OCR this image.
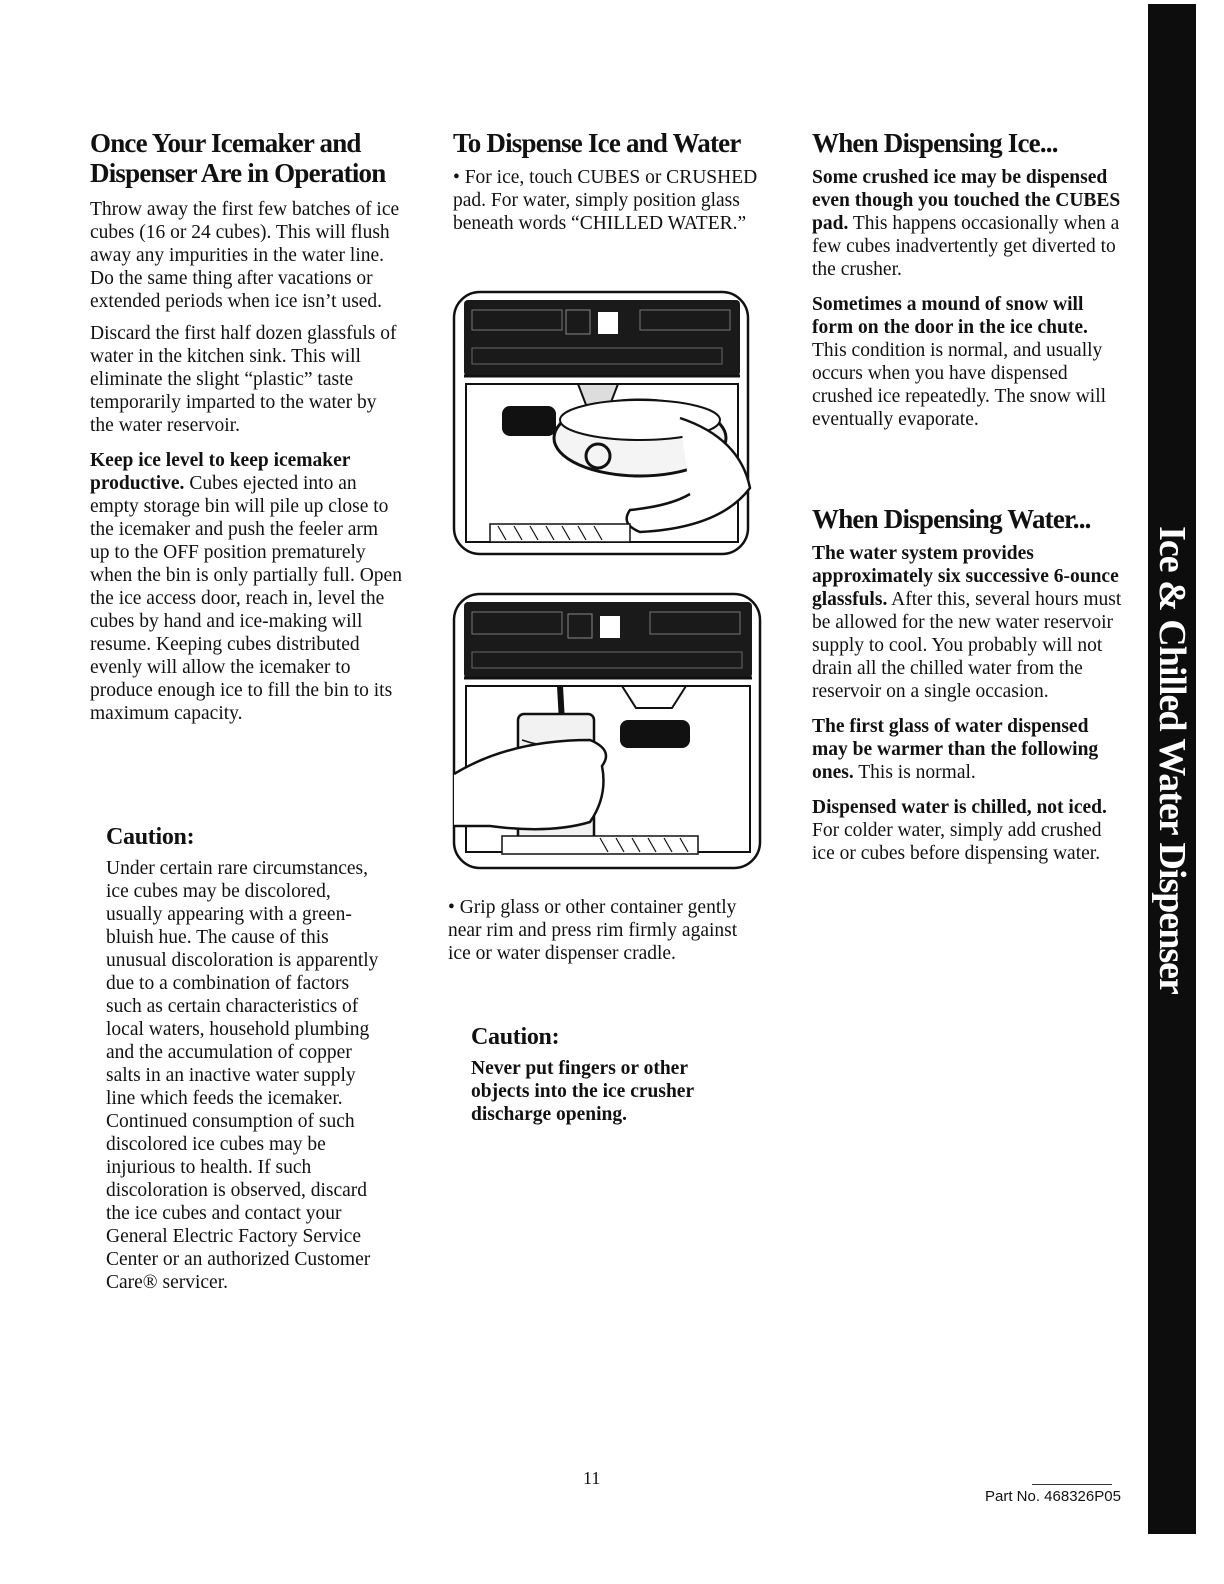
Once Your Icemaker and
Dispenser Are in Operation

Throw away the first few batches of ice cubes (16 or 24 cubes). This will flush away any impurities in the water line. Do the same thing after vacations or extended periods when ice isn’t used.

Discard the first half dozen glassfuls of water in the kitchen sink. This will eliminate the slight “plastic” taste temporarily imparted to the water by the water reservoir.

Keep ice level to keep icemaker productive. Cubes ejected into an empty storage bin will pile up close to the icemaker and push the feeler arm up to the OFF position prematurely when the bin is only partially full. Open the ice access door, reach in, level the cubes by hand and ice-making will resume. Keeping cubes distributed evenly will allow the icemaker to produce enough ice to fill the bin to its maximum capacity.

Caution:

Under certain rare circumstances, ice cubes may be discolored, usually appearing with a green-bluish hue. The cause of this unusual discoloration is apparently due to a combination of factors such as certain characteristics of local waters, household plumbing and the accumulation of copper salts in an inactive water supply line which feeds the icemaker. Continued consumption of such discolored ice cubes may be injurious to health. If such discoloration is observed, discard the ice cubes and contact your General Electric Factory Service Center or an authorized Customer Care® servicer.

To Dispense Ice and Water

• For ice, touch CUBES or CRUSHED pad. For water, simply position glass beneath words “CHILLED WATER.”

• Grip glass or other container gently near rim and press rim firmly against ice or water dispenser cradle.

Caution:

Never put fingers or other objects into the ice crusher discharge opening.

When Dispensing Ice...

Some crushed ice may be dispensed even though you touched the CUBES pad. This happens occasionally when a few cubes inadvertently get diverted to the crusher.

Sometimes a mound of snow will form on the door in the ice chute. This condition is normal, and usually occurs when you have dispensed crushed ice repeatedly. The snow will eventually evaporate.

When Dispensing Water...

The water system provides approximately six successive 6-ounce glassfuls. After this, several hours must be allowed for the new water reservoir supply to cool. You probably will not drain all the chilled water from the reservoir on a single occasion.

The first glass of water dispensed may be warmer than the following ones. This is normal.

Dispensed water is chilled, not iced. For colder water, simply add crushed ice or cubes before dispensing water.	Ice & Chilled Water Dispenser
11
Part No. 468326P05
